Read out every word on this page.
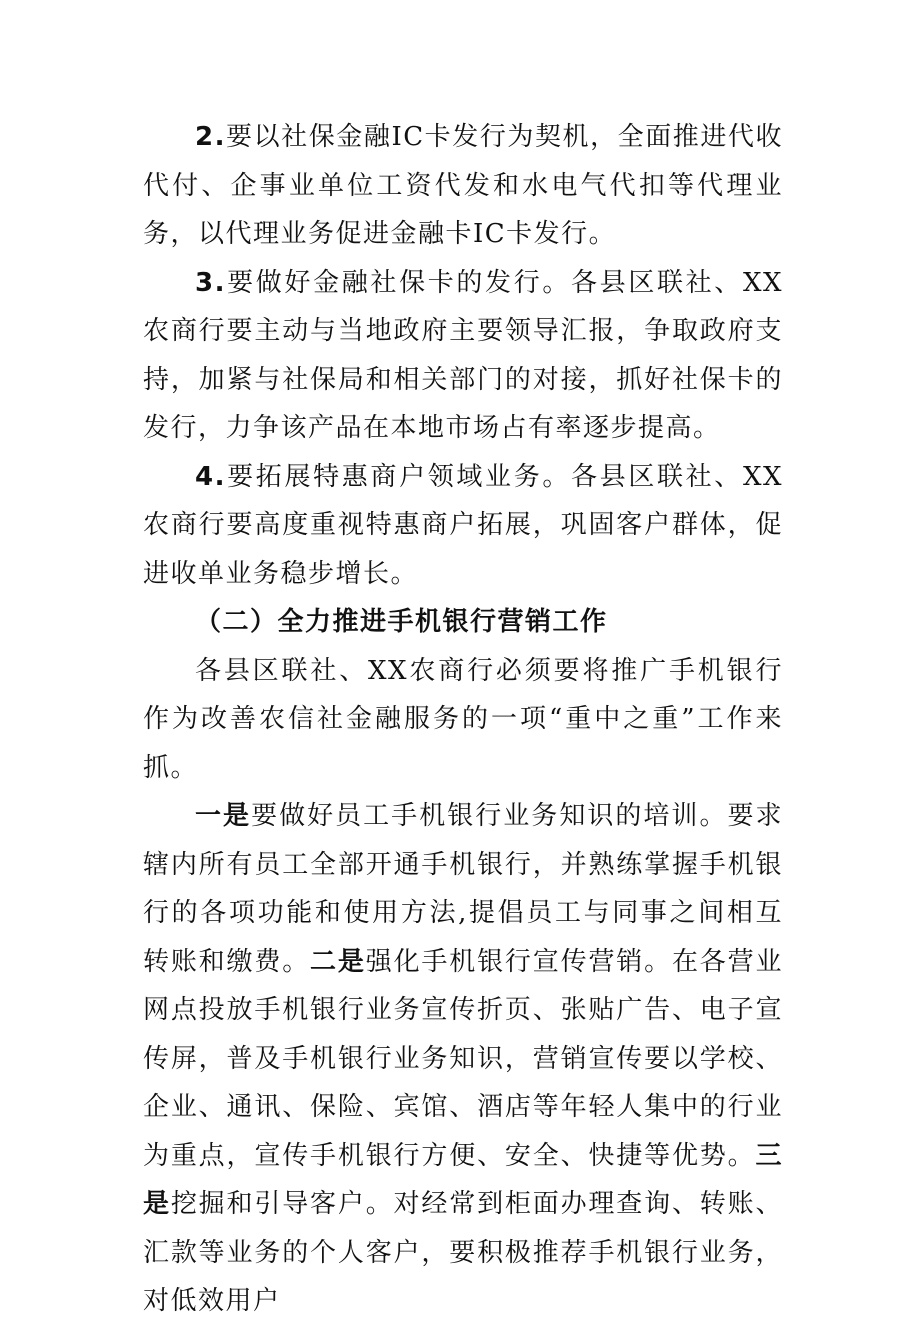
2.要以社保金融IC卡发行为契机，全面推进代收代付、企事业单位工资代发和水电气代扣等代理业务，以代理业务促进金融卡IC卡发行。

3.要做好金融社保卡的发行。各县区联社、XX农商行要主动与当地政府主要领导汇报，争取政府支持，加紧与社保局和相关部门的对接，抓好社保卡的发行，力争该产品在本地市场占有率逐步提高。

4.要拓展特惠商户领域业务。各县区联社、XX农商行要高度重视特惠商户拓展，巩固客户群体，促进收单业务稳步增长。

（二）全力推进手机银行营销工作

各县区联社、XX农商行必须要将推广手机银行作为改善农信社金融服务的一项“重中之重”工作来抓。

一是要做好员工手机银行业务知识的培训。要求辖内所有员工全部开通手机银行，并熟练掌握手机银行的各项功能和使用方法,提倡员工与同事之间相互转账和缴费。二是强化手机银行宣传营销。在各营业网点投放手机银行业务宣传折页、张贴广告、电子宣传屏，普及手机银行业务知识，营销宣传要以学校、企业、通讯、保险、宾馆、酒店等年轻人集中的行业为重点，宣传手机银行方便、安全、快捷等优势。三是挖掘和引导客户。对经常到柜面办理查询、转账、汇款等业务的个人客户，要积极推荐手机银行业务，对低效用户
